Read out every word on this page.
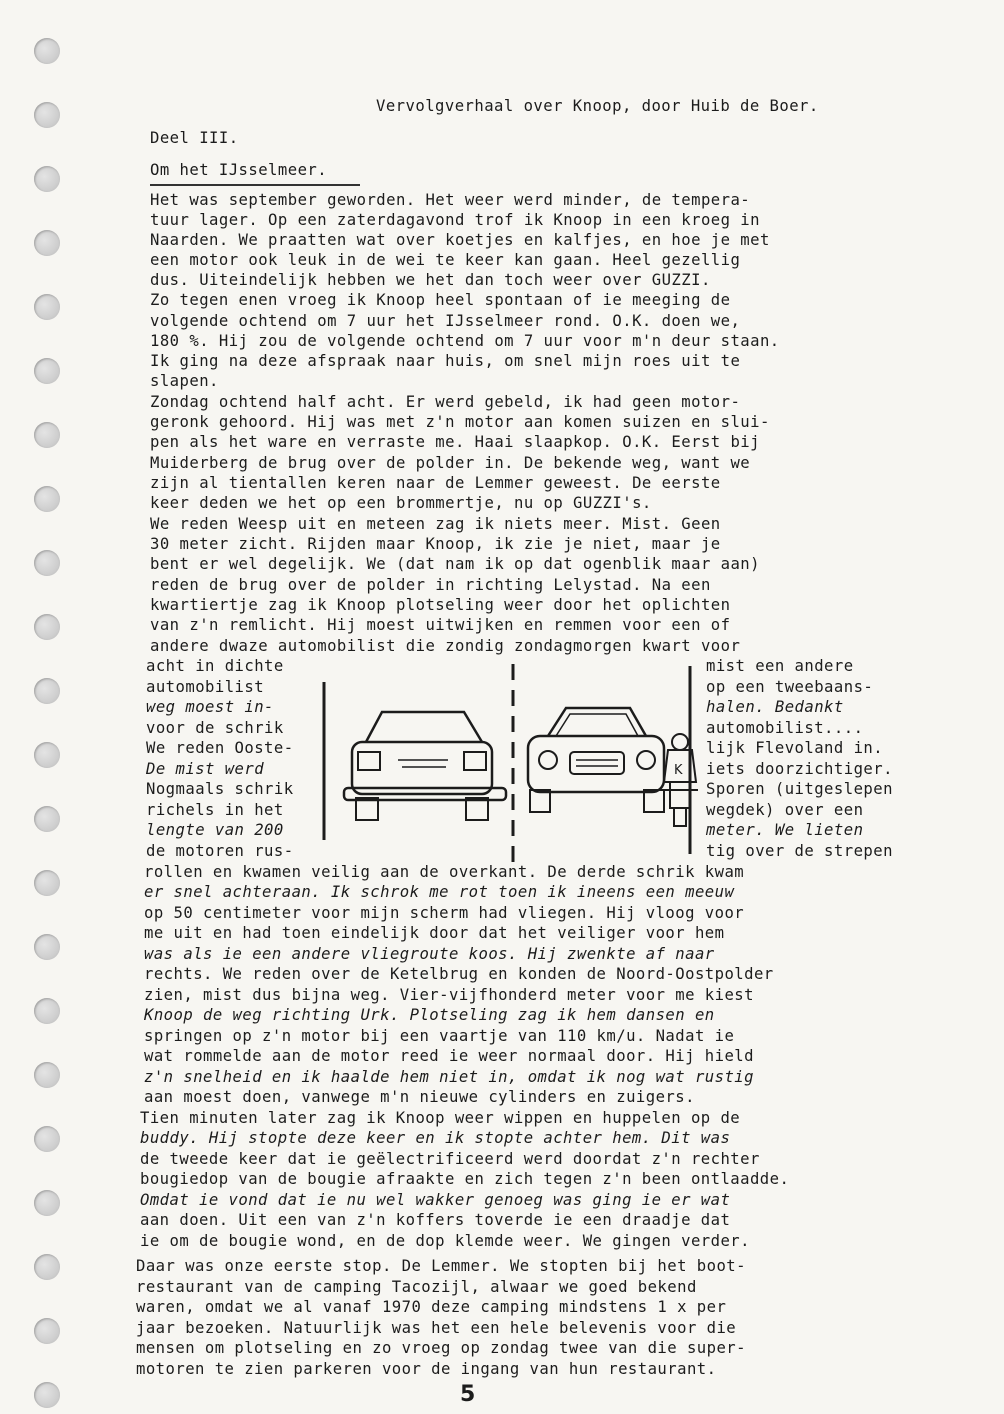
Vervolgverhaal over Knoop, door Huib de Boer.
Deel III.
Om het IJsselmeer.
Het was september geworden. Het weer werd minder, de tempera-
tuur lager. Op een zaterdagavond trof ik Knoop in een kroeg in
Naarden. We praatten wat over koetjes en kalfjes, en hoe je met
een motor ook leuk in de wei te keer kan gaan. Heel gezellig
dus. Uiteindelijk hebben we het dan toch weer over GUZZI.
Zo tegen enen vroeg ik Knoop heel spontaan of ie meeging de
volgende ochtend om 7 uur het IJsselmeer rond. O.K. doen we,
180 %. Hij zou de volgende ochtend om 7 uur voor m'n deur staan.
Ik ging na deze afspraak naar huis, om snel mijn roes uit te
slapen.
Zondag ochtend half acht. Er werd gebeld, ik had geen motor-
geronk gehoord. Hij was met z'n motor aan komen suizen en slui-
pen als het ware en verraste me. Haai slaapkop. O.K. Eerst bij
Muiderberg de brug over de polder in. De bekende weg, want we
zijn al tientallen keren naar de Lemmer geweest. De eerste
keer deden we het op een brommertje, nu op GUZZI's.
We reden Weesp uit en meteen zag ik niets meer. Mist. Geen
30 meter zicht. Rijden maar Knoop, ik zie je niet, maar je
bent er wel degelijk. We (dat nam ik op dat ogenblik maar aan)
reden de brug over de polder in richting Lelystad. Na een
kwartiertje zag ik Knoop plotseling weer door het oplichten
van z'n remlicht. Hij moest uitwijken en remmen voor een of
andere dwaze automobilist die zondig zondagmorgen kwart voor
acht in dichte
automobilist
weg moest in-
voor de schrik
We reden Ooste-
De mist werd
Nogmaals schrik
richels in het
lengte van 200
de motoren rus-
mist een andere
op een tweebaans-
halen. Bedankt
automobilist....
lijk Flevoland in.
iets doorzichtiger.
Sporen (uitgeslepen
wegdek) over een
meter. We lieten
tig over de strepen
K
rollen en kwamen veilig aan de overkant. De derde schrik kwam
er snel achteraan. Ik schrok me rot toen ik ineens een meeuw
op 50 centimeter voor mijn scherm had vliegen. Hij vloog voor
me uit en had toen eindelijk door dat het veiliger voor hem
was als ie een andere vliegroute koos. Hij zwenkte af naar
rechts. We reden over de Ketelbrug en konden de Noord-Oostpolder
zien, mist dus bijna weg. Vier-vijfhonderd meter voor me kiest
Knoop de weg richting Urk. Plotseling zag ik hem dansen en
springen op z'n motor bij een vaartje van 110 km/u. Nadat ie
wat rommelde aan de motor reed ie weer normaal door. Hij hield
z'n snelheid en ik haalde hem niet in, omdat ik nog wat rustig
aan moest doen, vanwege m'n nieuwe cylinders en zuigers.
Tien minuten later zag ik Knoop weer wippen en huppelen op de
buddy. Hij stopte deze keer en ik stopte achter hem. Dit was
de tweede keer dat ie geëlectrificeerd werd doordat z'n rechter
bougiedop van de bougie afraakte en zich tegen z'n been ontlaadde.
Omdat ie vond dat ie nu wel wakker genoeg was ging ie er wat
aan doen. Uit een van z'n koffers toverde ie een draadje dat
ie om de bougie wond, en de dop klemde weer. We gingen verder.
Daar was onze eerste stop. De Lemmer. We stopten bij het boot-
restaurant van de camping Tacozijl, alwaar we goed bekend
waren, omdat we al vanaf 1970 deze camping mindstens 1 x per
jaar bezoeken. Natuurlijk was het een hele belevenis voor die
mensen om plotseling en zo vroeg op zondag twee van die super-
motoren te zien parkeren voor de ingang van hun restaurant.
5
